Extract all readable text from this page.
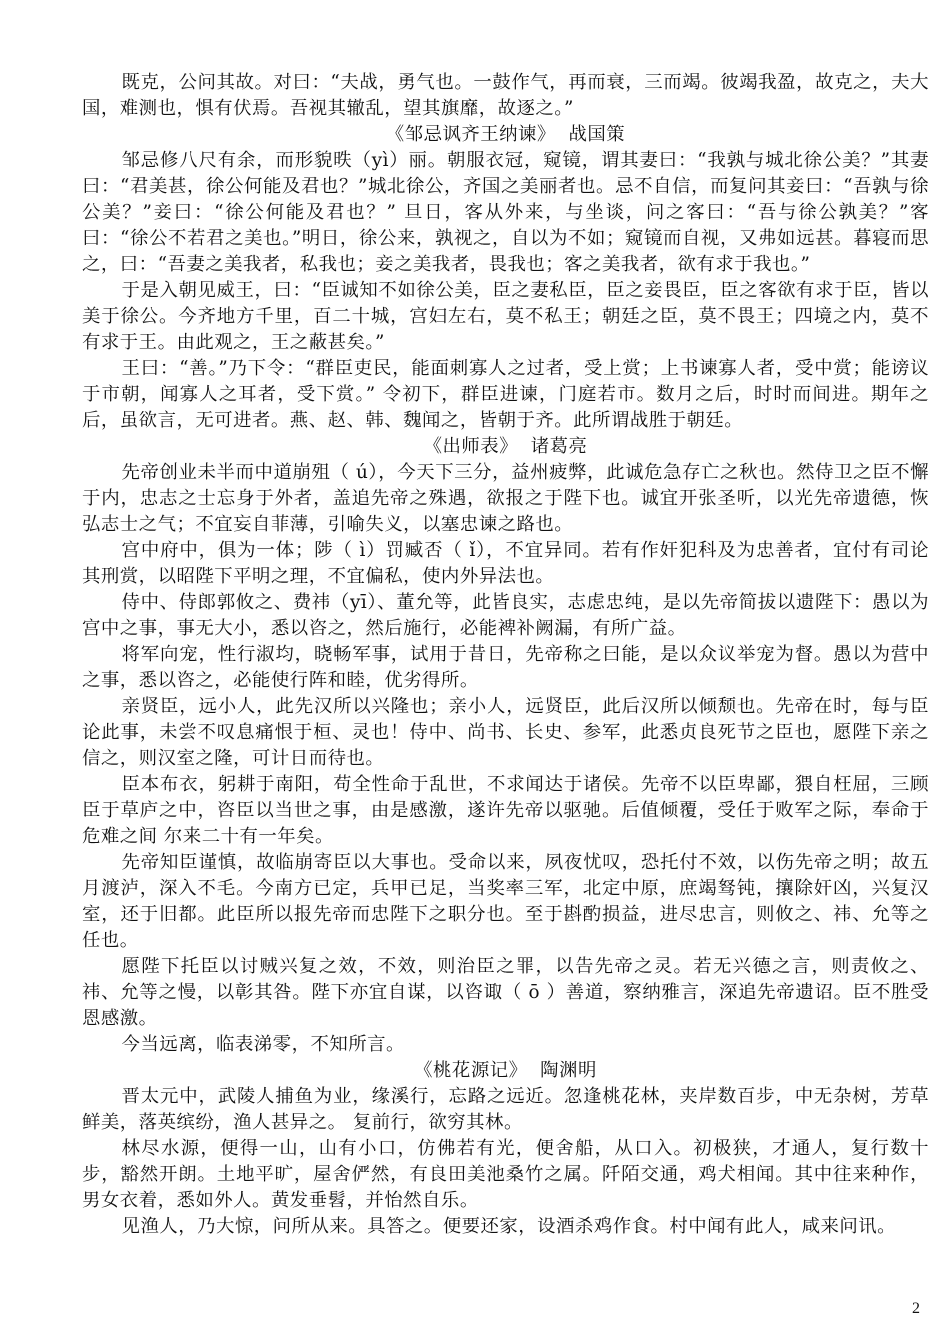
既克，公问其故。对曰：“夫战，勇气也。一鼓作气，再而衰，三而竭。彼竭我盈，故克之，夫大国，难测也，惧有伏焉。吾视其辙乱，望其旗靡，故逐之。”

《邹忌讽齐王纳谏》  战国策

邹忌修八尺有余，而形貌昳（yì）丽。朝服衣冠，窥镜，谓其妻曰：“我孰与城北徐公美？”其妻曰：“君美甚，徐公何能及君也？”城北徐公，齐国之美丽者也。忌不自信，而复问其妾曰：“吾孰与徐公美？”妾曰：“徐公何能及君也？” 旦日，客从外来，与坐谈，问之客曰：“吾与徐公孰美？”客曰：“徐公不若君之美也。”明日，徐公来，孰视之，自以为不如；窥镜而自视，又弗如远甚。暮寝而思之，曰：“吾妻之美我者，私我也；妾之美我者，畏我也；客之美我者，欲有求于我也。”

于是入朝见威王，曰：“臣诚知不如徐公美，臣之妻私臣，臣之妾畏臣，臣之客欲有求于臣，皆以美于徐公。今齐地方千里，百二十城，宫妇左右，莫不私王；朝廷之臣，莫不畏王；四境之内，莫不有求于王。由此观之，王之蔽甚矣。”

王曰：“善。”乃下令：“群臣吏民，能面刺寡人之过者，受上赏；上书谏寡人者，受中赏；能谤议于市朝，闻寡人之耳者，受下赏。” 令初下，群臣进谏，门庭若市。数月之后，时时而间进。期年之后，虽欲言，无可进者。燕、赵、韩、魏闻之，皆朝于齐。此所谓战胜于朝廷。

《出师表》  诸葛亮

先帝创业未半而中道崩殂（ ú），今天下三分，益州疲弊，此诚危急存亡之秋也。然侍卫之臣不懈于内，忠志之士忘身于外者，盖追先帝之殊遇，欲报之于陛下也。诚宜开张圣听，以光先帝遗德，恢弘志士之气；不宜妄自菲薄，引喻失义，以塞忠谏之路也。

宫中府中，俱为一体；陟（ ì）罚臧否（ ǐ），不宜异同。若有作奸犯科及为忠善者，宜付有司论其刑赏，以昭陛下平明之理，不宜偏私，使内外异法也。

侍中、侍郎郭攸之、费祎（yī）、董允等，此皆良实，志虑忠纯，是以先帝简拔以遗陛下：愚以为宫中之事，事无大小，悉以咨之，然后施行，必能裨补阙漏，有所广益。

将军向宠，性行淑均，晓畅军事，试用于昔日，先帝称之曰能，是以众议举宠为督。愚以为营中之事，悉以咨之，必能使行阵和睦，优劣得所。

亲贤臣，远小人，此先汉所以兴隆也；亲小人，远贤臣，此后汉所以倾颓也。先帝在时，每与臣论此事，未尝不叹息痛恨于桓、灵也！侍中、尚书、长史、参军，此悉贞良死节之臣也，愿陛下亲之信之，则汉室之隆，可计日而待也。

臣本布衣，躬耕于南阳，苟全性命于乱世，不求闻达于诸侯。先帝不以臣卑鄙，猥自枉屈，三顾臣于草庐之中，咨臣以当世之事，由是感激，遂许先帝以驱驰。后值倾覆，受任于败军之际，奉命于危难之间 尔来二十有一年矣。

先帝知臣谨慎，故临崩寄臣以大事也。受命以来，夙夜忧叹，恐托付不效，以伤先帝之明；故五月渡泸，深入不毛。今南方已定，兵甲已足，当奖率三军，北定中原，庶竭驽钝，攘除奸凶，兴复汉室，还于旧都。此臣所以报先帝而忠陛下之职分也。至于斟酌损益，进尽忠言，则攸之、祎、允等之任也。

愿陛下托臣以讨贼兴复之效，不效，则治臣之罪，以告先帝之灵。若无兴德之言，则责攸之、祎、允等之慢，以彰其咎。陛下亦宜自谋，以咨诹（ ō ）善道，察纳雅言，深追先帝遗诏。臣不胜受恩感激。

今当远离，临表涕零，不知所言。

《桃花源记》  陶渊明

晋太元中，武陵人捕鱼为业，缘溪行，忘路之远近。忽逢桃花林，夹岸数百步，中无杂树，芳草鲜美，落英缤纷，渔人甚异之。 复前行，欲穷其林。

林尽水源，便得一山，山有小口，仿佛若有光，便舍船，从口入。初极狭，才通人，复行数十步，豁然开朗。土地平旷，屋舍俨然，有良田美池桑竹之属。阡陌交通，鸡犬相闻。其中往来种作，男女衣着，悉如外人。黄发垂髫，并怡然自乐。

见渔人，乃大惊，问所从来。具答之。便要还家，设酒杀鸡作食。村中闻有此人，咸来问讯。

2
